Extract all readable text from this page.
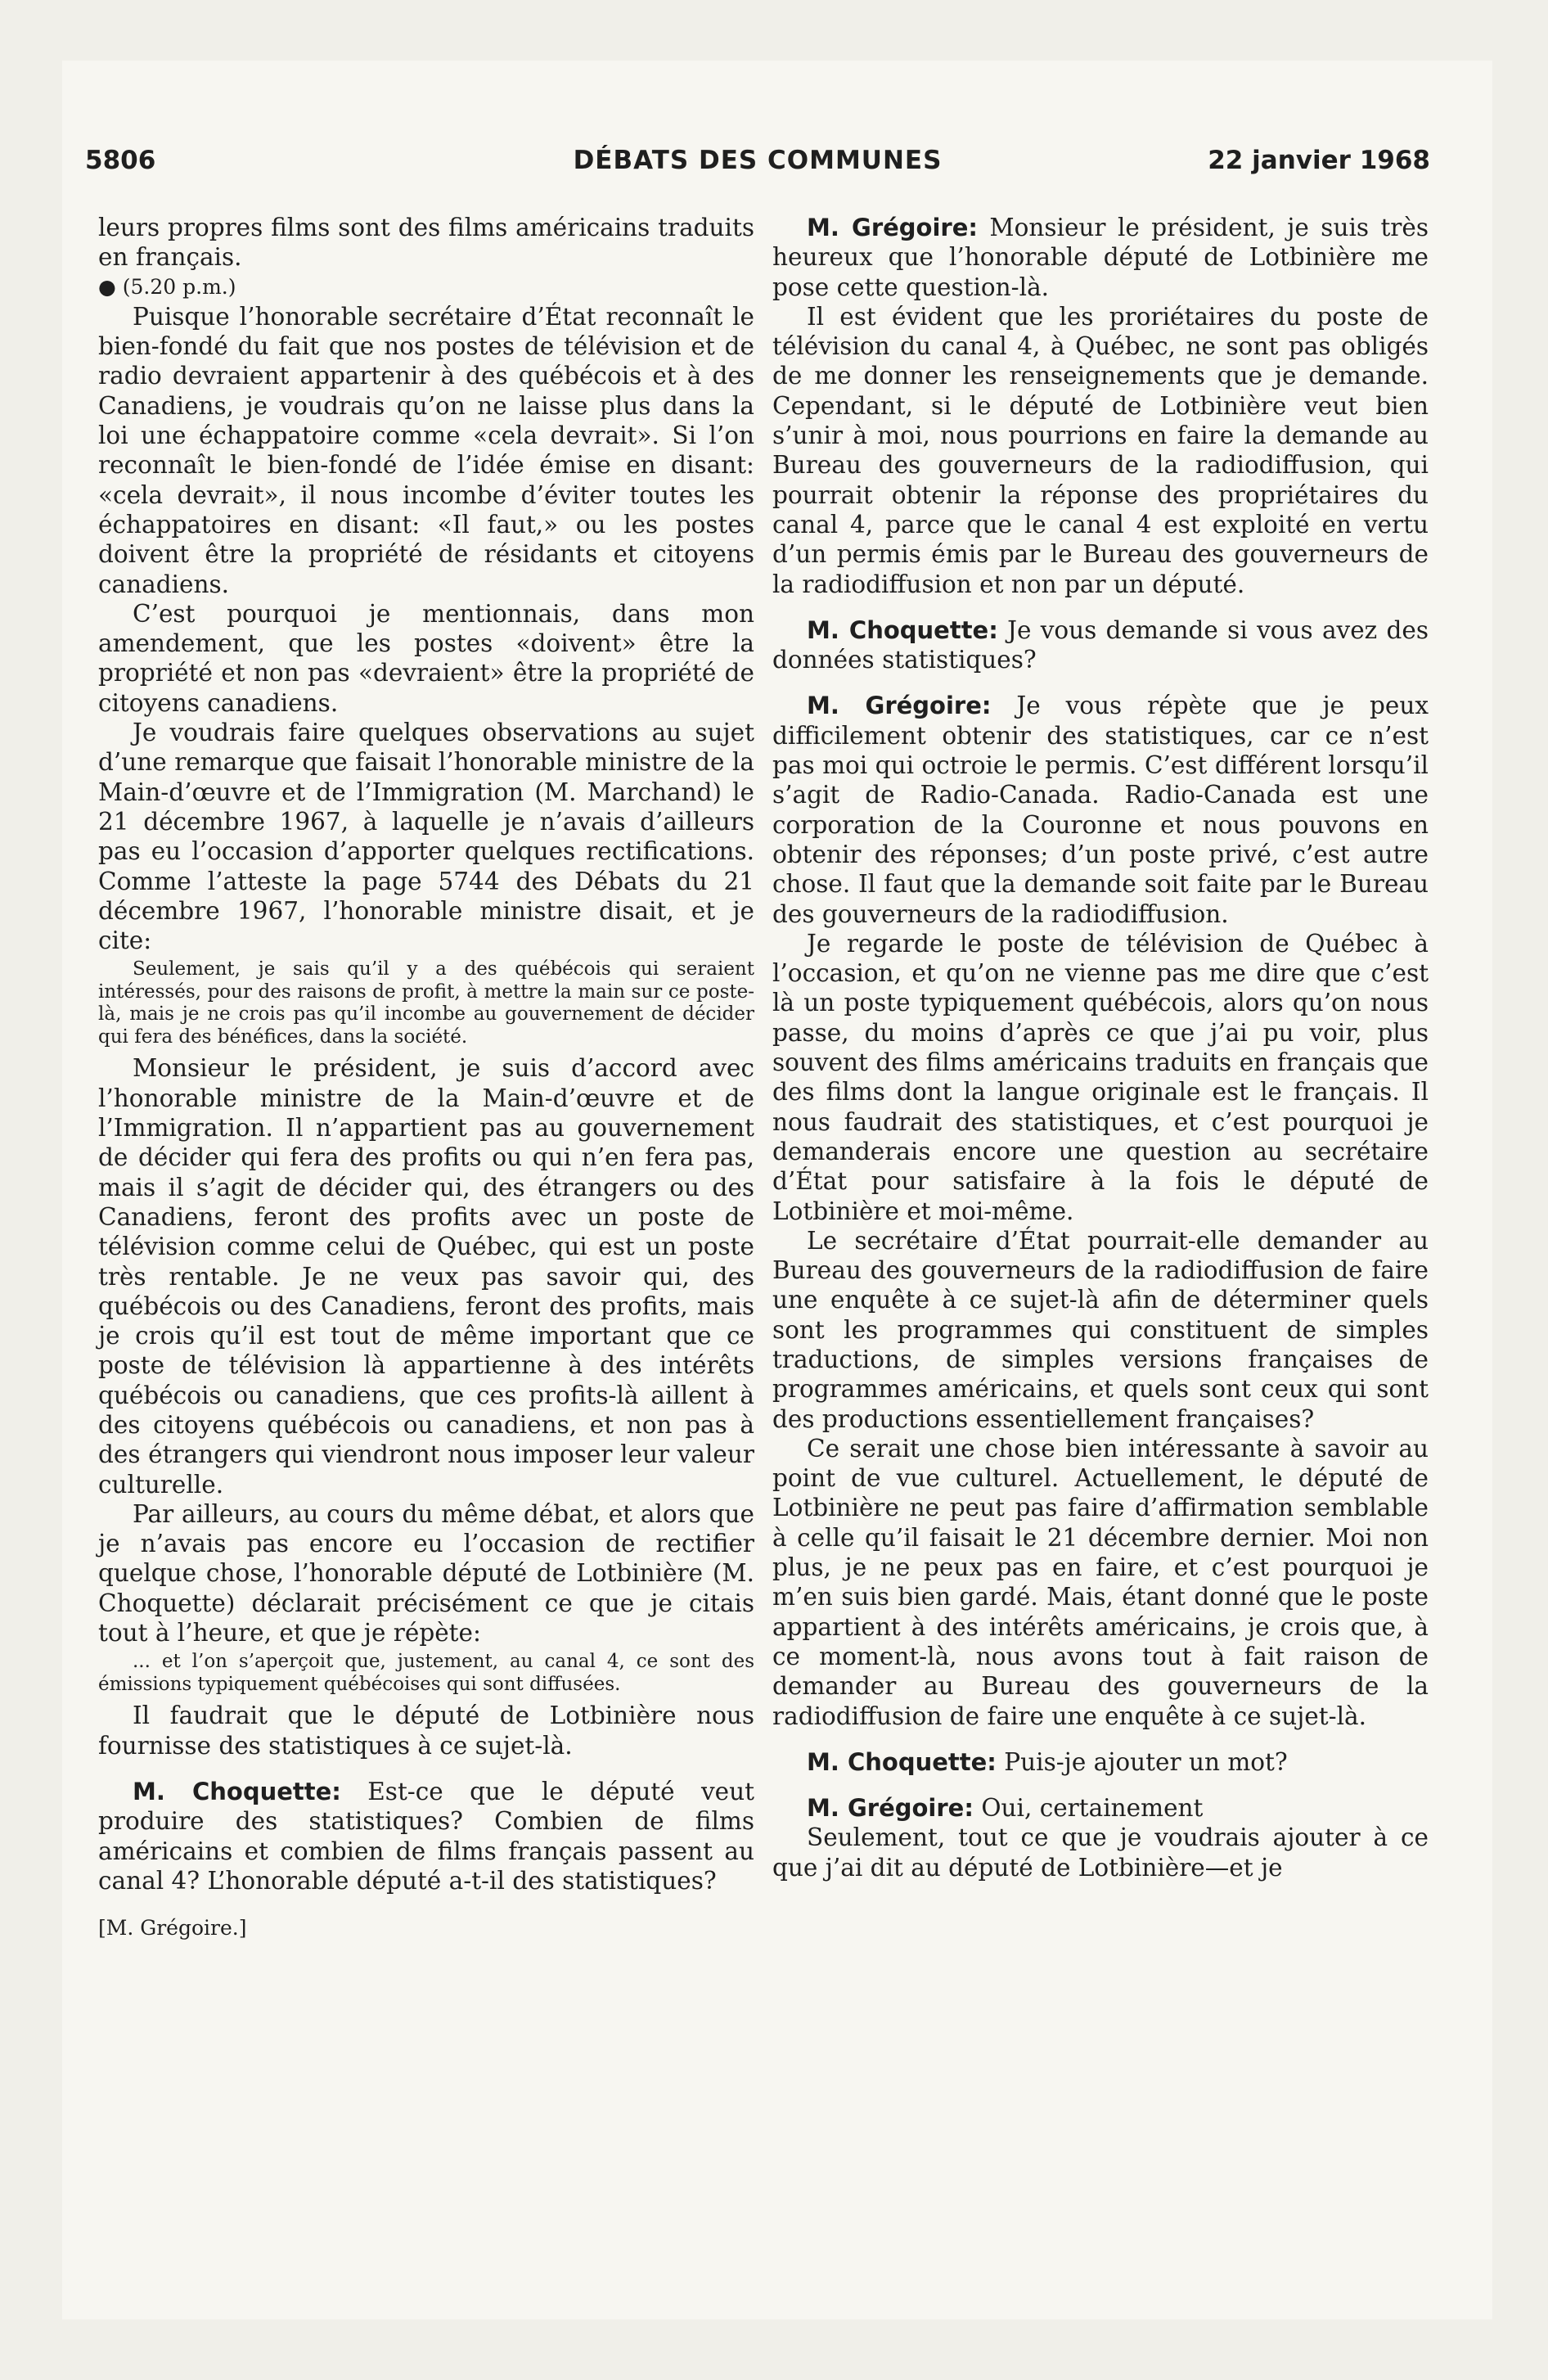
5806	DÉBATS DES COMMUNES	22 janvier 1968

leurs propres films sont des films américains traduits en français.

● (5.20 p.m.)

Puisque l’honorable secrétaire d’État reconnaît le bien-fondé du fait que nos postes de télévision et de radio devraient appartenir à des québécois et à des Canadiens, je voudrais qu’on ne laisse plus dans la loi une échappatoire comme «cela devrait». Si l’on reconnaît le bien-fondé de l’idée émise en disant: «cela devrait», il nous incombe d’éviter toutes les échappatoires en disant: «Il faut,» ou les postes doivent être la propriété de résidants et citoyens canadiens.

C’est pourquoi je mentionnais, dans mon amendement, que les postes «doivent» être la propriété et non pas «devraient» être la propriété de citoyens canadiens.

Je voudrais faire quelques observations au sujet d’une remarque que faisait l’honorable ministre de la Main-d’œuvre et de l’Immigration (M. Marchand) le 21 décembre 1967, à laquelle je n’avais d’ailleurs pas eu l’occasion d’apporter quelques rectifications. Comme l’atteste la page 5744 des Débats du 21 décembre 1967, l’honorable ministre disait, et je cite:

Seulement, je sais qu’il y a des québécois qui seraient intéressés, pour des raisons de profit, à mettre la main sur ce poste-là, mais je ne crois pas qu’il incombe au gouvernement de décider qui fera des bénéfices, dans la société.

Monsieur le président, je suis d’accord avec l’honorable ministre de la Main-d’œuvre et de l’Immigration. Il n’appartient pas au gouvernement de décider qui fera des profits ou qui n’en fera pas, mais il s’agit de décider qui, des étrangers ou des Canadiens, feront des profits avec un poste de télévision comme celui de Québec, qui est un poste très rentable. Je ne veux pas savoir qui, des québécois ou des Canadiens, feront des profits, mais je crois qu’il est tout de même important que ce poste de télévision là appartienne à des intérêts québécois ou canadiens, que ces profits-là aillent à des citoyens québécois ou canadiens, et non pas à des étrangers qui viendront nous imposer leur valeur culturelle.

Par ailleurs, au cours du même débat, et alors que je n’avais pas encore eu l’occasion de rectifier quelque chose, l’honorable député de Lotbinière (M. Choquette) déclarait précisément ce que je citais tout à l’heure, et que je répète:

... et l’on s’aperçoit que, justement, au canal 4, ce sont des émissions typiquement québécoises qui sont diffusées.

Il faudrait que le député de Lotbinière nous fournisse des statistiques à ce sujet-là.

M. Choquette: Est-ce que le député veut produire des statistiques? Combien de films américains et combien de films français passent au canal 4? L’honorable député a-t-il des statistiques?

[M. Grégoire.]

M. Grégoire: Monsieur le président, je suis très heureux que l’honorable député de Lotbinière me pose cette question-là.

Il est évident que les proriétaires du poste de télévision du canal 4, à Québec, ne sont pas obligés de me donner les renseignements que je demande. Cependant, si le député de Lotbinière veut bien s’unir à moi, nous pourrions en faire la demande au Bureau des gouverneurs de la radiodiffusion, qui pourrait obtenir la réponse des propriétaires du canal 4, parce que le canal 4 est exploité en vertu d’un permis émis par le Bureau des gouverneurs de la radiodiffusion et non par un député.

M. Choquette: Je vous demande si vous avez des données statistiques?

M. Grégoire: Je vous répète que je peux difficilement obtenir des statistiques, car ce n’est pas moi qui octroie le permis. C’est différent lorsqu’il s’agit de Radio-Canada. Radio-Canada est une corporation de la Couronne et nous pouvons en obtenir des réponses; d’un poste privé, c’est autre chose. Il faut que la demande soit faite par le Bureau des gouverneurs de la radiodiffusion.

Je regarde le poste de télévision de Québec à l’occasion, et qu’on ne vienne pas me dire que c’est là un poste typiquement québécois, alors qu’on nous passe, du moins d’après ce que j’ai pu voir, plus souvent des films américains traduits en français que des films dont la langue originale est le français. Il nous faudrait des statistiques, et c’est pourquoi je demanderais encore une question au secrétaire d’État pour satisfaire à la fois le député de Lotbinière et moi-même.

Le secrétaire d’État pourrait-elle demander au Bureau des gouverneurs de la radiodiffusion de faire une enquête à ce sujet-là afin de déterminer quels sont les programmes qui constituent de simples traductions, de simples versions françaises de programmes américains, et quels sont ceux qui sont des productions essentiellement françaises?

Ce serait une chose bien intéressante à savoir au point de vue culturel. Actuellement, le député de Lotbinière ne peut pas faire d’affirmation semblable à celle qu’il faisait le 21 décembre dernier. Moi non plus, je ne peux pas en faire, et c’est pourquoi je m’en suis bien gardé. Mais, étant donné que le poste appartient à des intérêts américains, je crois que, à ce moment-là, nous avons tout à fait raison de demander au Bureau des gouverneurs de la radiodiffusion de faire une enquête à ce sujet-là.

M. Choquette: Puis-je ajouter un mot?

M. Grégoire: Oui, certainement

Seulement, tout ce que je voudrais ajouter à ce que j’ai dit au député de Lotbinière—et je
